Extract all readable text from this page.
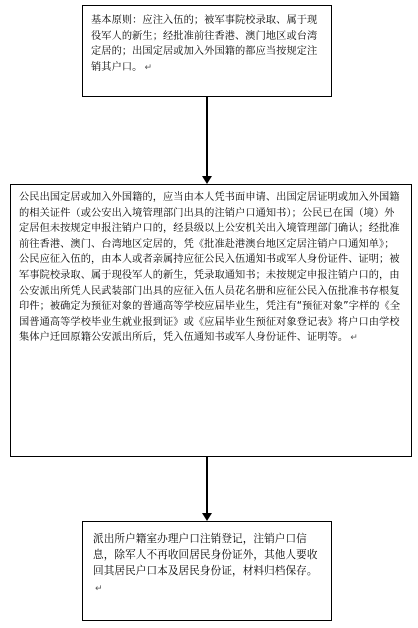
基本原则：应注入伍的；被军事院校录取、属于现役军人的新生；经批准前往香港、澳门地区或台湾定居的；出国定居或加入外国籍的都应当按规定注销其户口。 ↵
公民出国定居或加入外国籍的，应当由本人凭书面申请、出国定居证明或加入外国籍的相关证件（或公安出入境管理部门出具的注销户口通知书）；公民已在国（境）外定居但未按规定申报注销户口的，经县级以上公安机关出入境管理部门确认；经批准前往香港、澳门、台湾地区定居的，凭《批准赴港澳台地区定居注销户口通知单》；公民应征入伍的，由本人或者亲属持应征公民入伍通知书或军人身份证件、证明；被军事院校录取、属于现役军人的新生，凭录取通知书；未按规定申报注销户口的，由公安派出所凭人民武装部门出具的应征入伍人员花名册和应征公民入伍批准书存根复印件；被确定为预征对象的普通高等学校应届毕业生，凭注有“预征对象”字样的《全国普通高等学校毕业生就业报到证》或《应届毕业生预征对象登记表》将户口由学校集体户迁回原籍公安派出所后，凭入伍通知书或军人身份证件、证明等。 ↵
派出所户籍室办理户口注销登记，注销户口信息，除军人不再收回居民身份证外，其他人要收回其居民户口本及居民身份证，材料归档保存。↵
